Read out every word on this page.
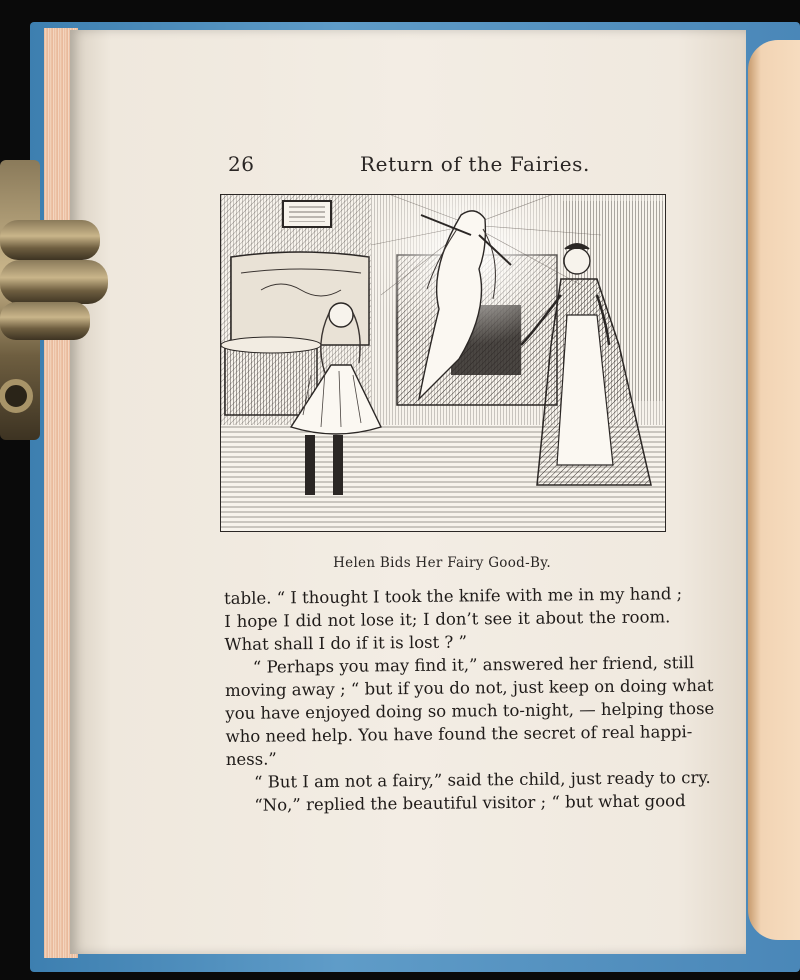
26	Return of the Fairies.
Helen Bids Her Fairy Good-By.
table. “ I thought I took the knife with me in my hand ;
I hope I did not lose it; I don’t see it about the room.
What shall I do if it is lost ? ”
“ Perhaps you may find it,” answered her friend, still
moving away ; “ but if you do not, just keep on doing what
you have enjoyed doing so much to-night, — helping those
who need help. You have found the secret of real happi-
ness.”
“ But I am not a fairy,” said the child, just ready to cry.
“No,” replied the beautiful visitor ; “ but what good
